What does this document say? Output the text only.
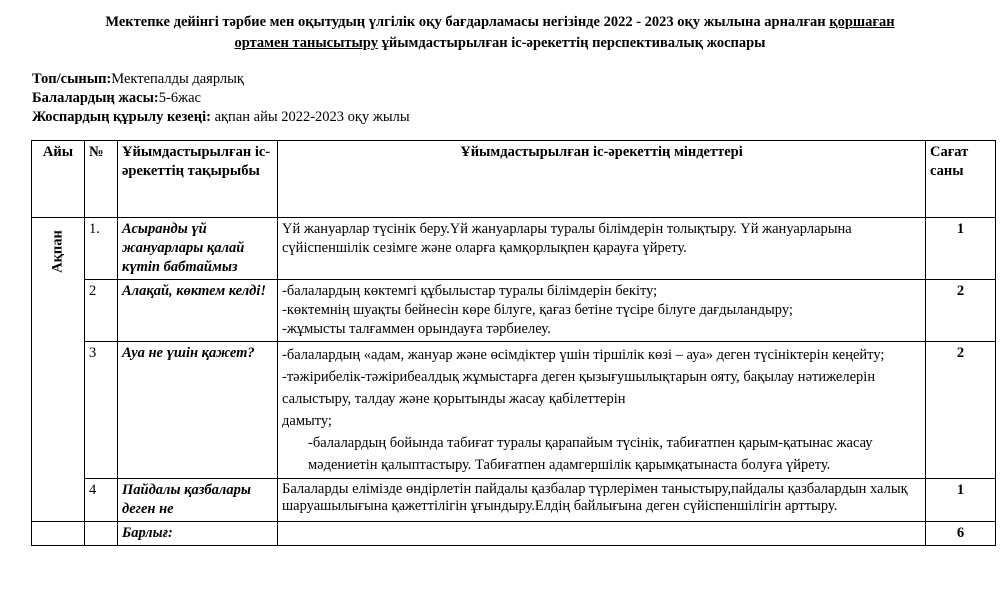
Мектепке дейінгі тәрбие мен оқытудың үлгілік оқу бағдарламасы негізінде 2022 - 2023 оқу жылына арналған қоршаған
ортамен танысытыру ұйымдастырылған іс-әрекеттің перспективалық жоспары
Топ/сынып:Мектепалды даярлық
Балалардың жасы:5-6жас
Жоспардың құрылу кезеңі: ақпан айы 2022-2023 оқу жылы
Айы	№	Ұйымдастырылған іс-әрекеттің тақырыбы	Ұйымдастырылған іс-әрекеттің міндеттері	Сағат саны

Ақпан	1.	Асыранды үй жануарлары қалай күтіп бабтаймыз	Үй жануарлар түсінік беру.Үй жануарлары туралы білімдерін толықтыру. Үй жануарларына сүйіспеншілік сезімге және оларға қамқорлықпен қарауға үйрету.	1
	2	Алақай, көктем келді!	-балалардың көктемгі құбылыстар туралы білімдерін бекіту;
-көктемнің шуақты бейнесін көре білуге, қағаз бетіне түсіре білуге дағдыландыру;
-жұмысты талғаммен орындауға тәрбиелеу.	2
	3	Ауа не үшін қажет?	-балалардың «адам, жануар және өсімдіктер үшін тіршілік көзі – ауа» деген түсініктерін кеңейту;
-тәжірибелік-тәжірибеалдық жұмыстарға деген қызығушылықтарын ояту, бақылау нәтижелерін салыстыру, талдау және қорытынды жасау қабілеттерін
дамыту;
-балалардың бойында табиғат туралы қарапайым түсінік, табиғатпен қарым-қатынас жасау мәдениетін қалыптастыру. Табиғатпен адамгершілік қарымқатынаста болуға үйрету.	2
	4	Пайдалы қазбалары деген не	Балаларды елімізде өндірлетін пайдалы қазбалар түрлерімен таныстыру,пайдалы қазбалардын халық шаруашылығына қажеттілігін ұғындыру.Елдің байлығына деген сүйіспеншілігін арттыру.	1
		Барлығ:		6
